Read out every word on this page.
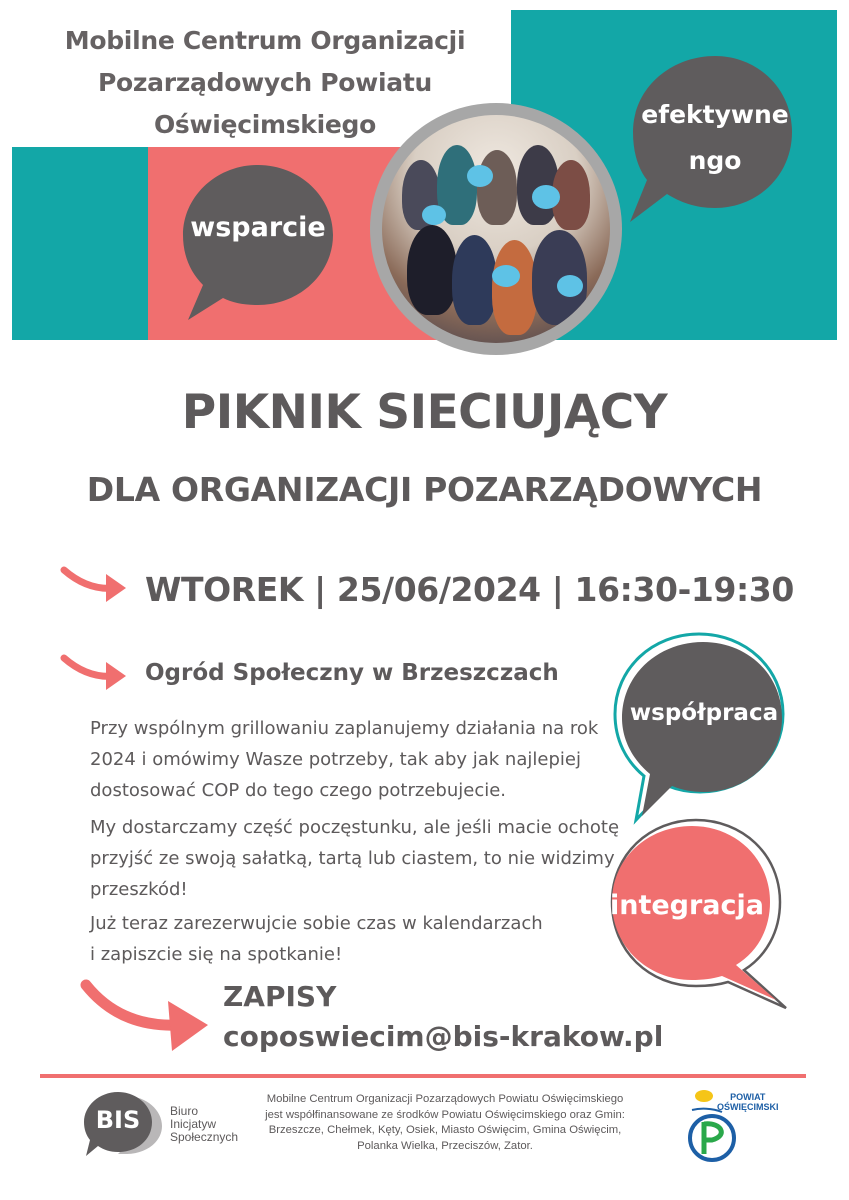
Mobilne Centrum Organizacji
Pozarządowych Powiatu
Oświęcimskiego
wsparcie
efektywne
ngo
PIKNIK SIECIUJĄCY
DLA ORGANIZACJI POZARZĄDOWYCH
WTOREK | 25/06/2024 | 16:30-19:30
Ogród Społeczny w Brzeszczach
Przy wspólnym grillowaniu zaplanujemy działania na rok
2024 i omówimy Wasze potrzeby, tak aby jak najlepiej
dostosować COP do tego czego potrzebujecie.
My dostarczamy część poczęstunku, ale jeśli macie ochotę
przyjść ze swoją sałatką, tartą lub ciastem, to nie widzimy
przeszkód!
Już teraz zarezerwujcie sobie czas w kalendarzach
i zapiszcie się na spotkanie!
współpraca
integracja
ZAPISY
coposwiecim@bis-krakow.pl
BIS	Biuro
Inicjatyw
Społecznych
Mobilne Centrum Organizacji Pozarządowych Powiatu Oświęcimskiego
jest współfinansowane ze środków Powiatu Oświęcimskiego oraz Gmin:
Brzeszcze, Chełmek, Kęty, Osiek, Miasto Oświęcim, Gmina Oświęcim,
Polanka Wielka, Przeciszów, Zator.
POWIAT
OŚWIĘCIMSKI
